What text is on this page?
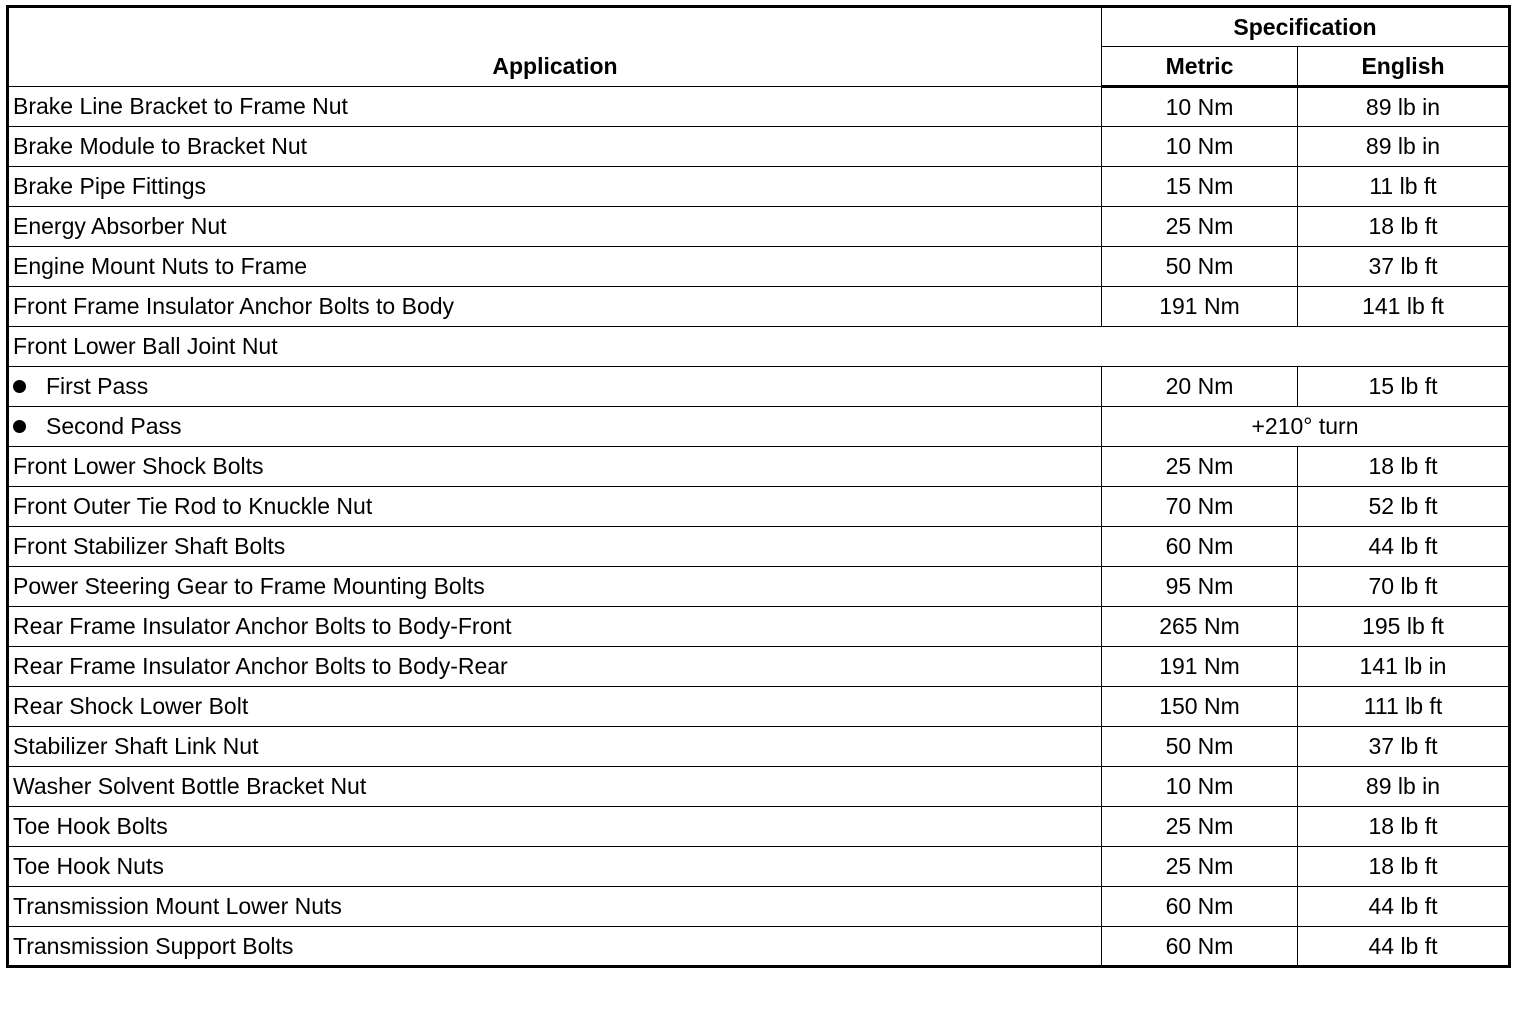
Application	Specification	
	Metric	English
Brake Line Bracket to Frame Nut	10 Nm	89 lb in
Brake Module to Bracket Nut	10 Nm	89 lb in
Brake Pipe Fittings	15 Nm	11 lb ft
Energy Absorber Nut	25 Nm	18 lb ft
Engine Mount Nuts to Frame	50 Nm	37 lb ft
Front Frame Insulator Anchor Bolts to Body	191 Nm	141 lb ft
Front Lower Ball Joint Nut		
First Pass	20 Nm	15 lb ft
Second Pass	+210° turn	
Front Lower Shock Bolts	25 Nm	18 lb ft
Front Outer Tie Rod to Knuckle Nut	70 Nm	52 lb ft
Front Stabilizer Shaft Bolts	60 Nm	44 lb ft
Power Steering Gear to Frame Mounting Bolts	95 Nm	70 lb ft
Rear Frame Insulator Anchor Bolts to Body-Front	265 Nm	195 lb ft
Rear Frame Insulator Anchor Bolts to Body-Rear	191 Nm	141 lb in
Rear Shock Lower Bolt	150 Nm	111 lb ft
Stabilizer Shaft Link Nut	50 Nm	37 lb ft
Washer Solvent Bottle Bracket Nut	10 Nm	89 lb in
Toe Hook Bolts	25 Nm	18 lb ft
Toe Hook Nuts	25 Nm	18 lb ft
Transmission Mount Lower Nuts	60 Nm	44 lb ft
Transmission Support Bolts	60 Nm	44 lb ft
